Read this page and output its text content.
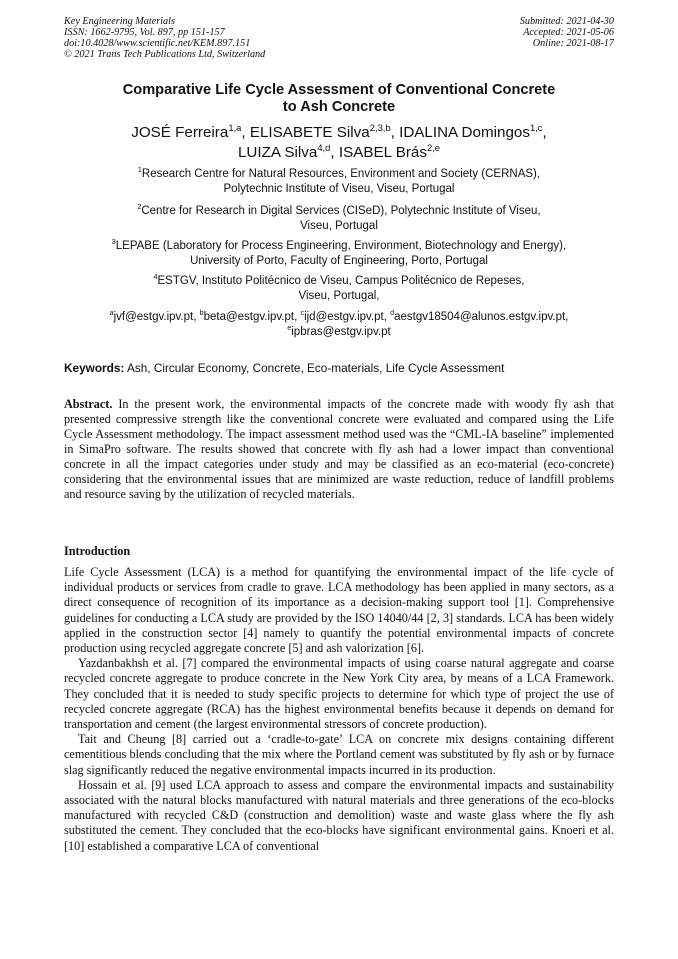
Key Engineering Materials
ISSN: 1662-9795, Vol. 897, pp 151-157
doi:10.4028/www.scientific.net/KEM.897.151
© 2021 Trans Tech Publications Ltd, Switzerland
Submitted: 2021-04-30
Accepted: 2021-05-06
Online: 2021-08-17
Comparative Life Cycle Assessment of Conventional Concrete
to Ash Concrete
JOSÉ Ferreira$^{1,a}$, ELISABETE Silva$^{2,3,b}$, IDALINA Domingos$^{1,c}$,
LUIZA Silva$^{4,d}$, ISABEL Brás$^{2,e}$
$^1$Research Centre for Natural Resources, Environment and Society (CERNAS),
Polytechnic Institute of Viseu, Viseu, Portugal
$^2$Centre for Research in Digital Services (CISeD), Polytechnic Institute of Viseu,
Viseu, Portugal
$^3$LEPABE (Laboratory for Process Engineering, Environment, Biotechnology and Energy),
University of Porto, Faculty of Engineering, Porto, Portugal
$^4$ESTGV, Instituto Politécnico de Viseu, Campus Politécnico de Repeses,
Viseu, Portugal,
$^a$jvf@estgv.ipv.pt, $^b$beta@estgv.ipv.pt, $^c$ijd@estgv.ipv.pt, $^d$aestgv18504@alunos.estgv.ipv.pt,
$^e$ipbras@estgv.ipv.pt
Keywords: Ash, Circular Economy, Concrete, Eco-materials, Life Cycle Assessment
Abstract. In the present work, the environmental impacts of the concrete made with woody fly ash that presented compressive strength like the conventional concrete were evaluated and compared using the Life Cycle Assessment methodology. The impact assessment method used was the “CML-IA baseline” implemented in SimaPro software. The results showed that concrete with fly ash had a lower impact than conventional concrete in all the impact categories under study and may be classified as an eco-material (eco-concrete) considering that the environmental issues that are minimized are waste reduction, reduce of landfill problems and resource saving by the utilization of recycled materials.
Introduction

Life Cycle Assessment (LCA) is a method for quantifying the environmental impact of the life cycle of individual products or services from cradle to grave. LCA methodology has been applied in many sectors, as a direct consequence of recognition of its importance as a decision-making support tool [1]. Comprehensive guidelines for conducting a LCA study are provided by the ISO 14040/44 [2, 3] standards. LCA has been widely applied in the construction sector [4] namely to quantify the potential environmental impacts of concrete production using recycled aggregate concrete [5] and ash valorization [6].

Yazdanbakhsh et al. [7] compared the environmental impacts of using coarse natural aggregate and coarse recycled concrete aggregate to produce concrete in the New York City area, by means of a LCA Framework. They concluded that it is needed to study specific projects to determine for which type of project the use of recycled concrete aggregate (RCA) has the highest environmental benefits because it depends on demand for transportation and cement (the largest environmental stressors of concrete production).

Tait and Cheung [8] carried out a ‘cradle-to-gate’ LCA on concrete mix designs containing different cementitious blends concluding that the mix where the Portland cement was substituted by fly ash or by furnace slag significantly reduced the negative environmental impacts incurred in its production.

Hossain et al. [9] used LCA approach to assess and compare the environmental impacts and sustainability associated with the natural blocks manufactured with natural materials and three generations of the eco-blocks manufactured with recycled C&D (construction and demolition) waste and waste glass where the fly ash substituted the cement. They concluded that the eco-blocks have significant environmental gains. Knoeri et al. [10] established a comparative LCA of conventional
